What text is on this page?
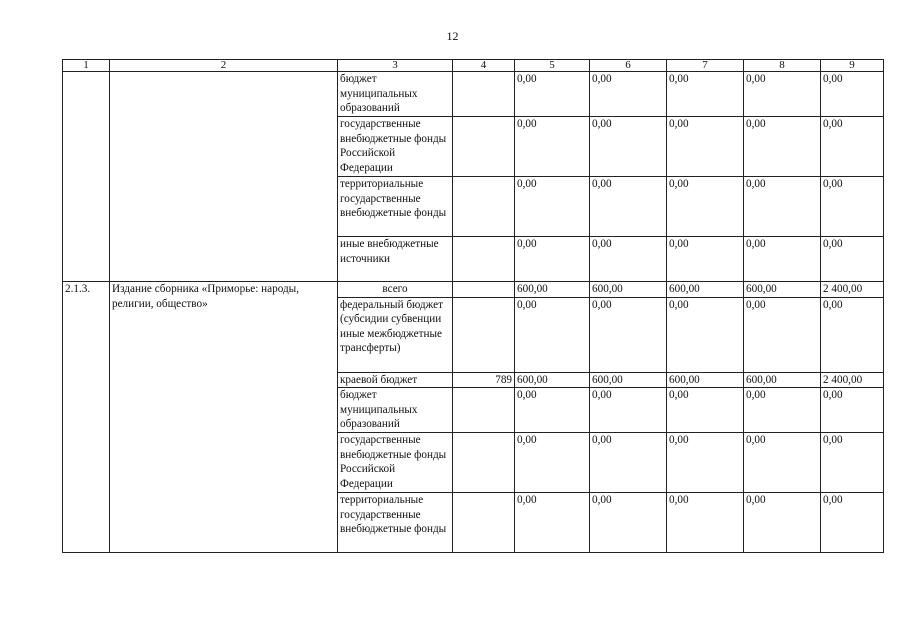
12
1	2	3	4	5	6	7	8	9
		бюджет муниципальных образований		0,00	0,00	0,00	0,00	0,00
		государственные внебюджетные фонды Российской Федерации		0,00	0,00	0,00	0,00	0,00
		территориальные государственные внебюджетные фонды		0,00	0,00	0,00	0,00	0,00
		иные внебюджетные источники		0,00	0,00	0,00	0,00	0,00
2.1.3.	Издание сборника «Приморье: народы, религии, общество»	всего		600,00	600,00	600,00	600,00	2 400,00
		федеральный бюджет (субсидии субвенции иные межбюджетные трансферты)		0,00	0,00	0,00	0,00	0,00
		краевой бюджет	789	600,00	600,00	600,00	600,00	2 400,00
		бюджет муниципальных образований		0,00	0,00	0,00	0,00	0,00
		государственные внебюджетные фонды Российской Федерации		0,00	0,00	0,00	0,00	0,00
		территориальные государственные внебюджетные фонды		0,00	0,00	0,00	0,00	0,00
